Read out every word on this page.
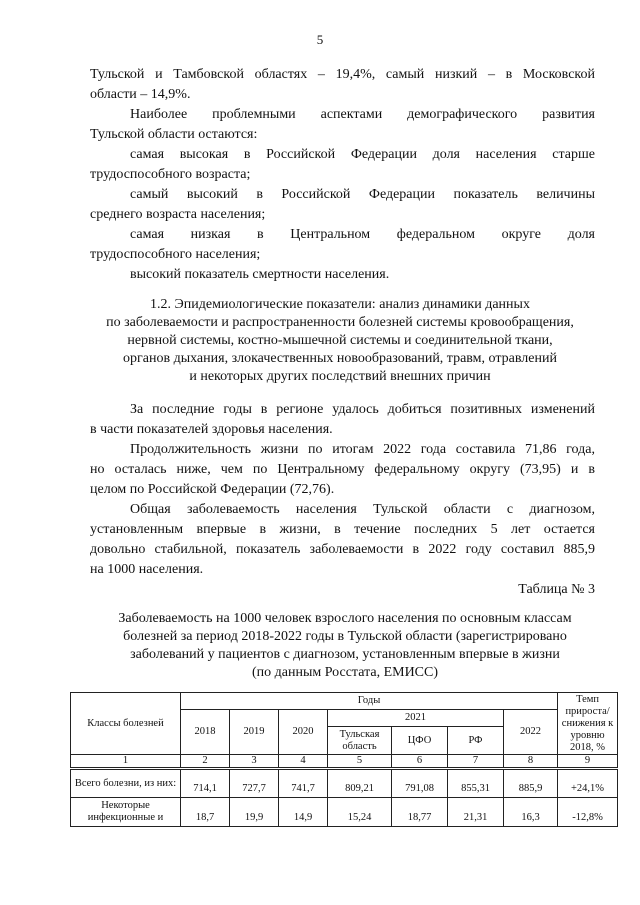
5
Тульской и Тамбовской областях – 19,4%, самый низкий – в Московской
области – 14,9%.
Наиболее проблемными аспектами демографического развития
Тульской области остаются:
самая высокая в Российской Федерации доля населения старше
трудоспособного возраста;
самый высокий в Российской Федерации показатель величины
среднего возраста населения;
самая низкая в Центральном федеральном округе доля
трудоспособного населения;
высокий показатель смертности населения.
1.2. Эпидемиологические показатели: анализ динамики данных
по заболеваемости и распространенности болезней системы кровообращения,
нервной системы, костно-мышечной системы и соединительной ткани,
органов дыхания, злокачественных новообразований, травм, отравлений
и некоторых других последствий внешних причин
За последние годы в регионе удалось добиться позитивных изменений
в части показателей здоровья населения.
Продолжительность жизни по итогам 2022 года составила 71,86 года,
но осталась ниже, чем по Центральному федеральному округу (73,95) и в
целом по Российской Федерации (72,76).
Общая заболеваемость населения Тульской области с диагнозом,
установленным впервые в жизни, в течение последних 5 лет остается
довольно стабильной, показатель заболеваемости в 2022 году составил 885,9
на 1000 населения.
Таблица № 3
Заболеваемость на 1000 человек взрослого населения по основным классам
болезней за период 2018-2022 годы в Тульской области (зарегистрировано
заболеваний у пациентов с диагнозом, установленным впервые в жизни
(по данным Росстата, ЕМИСС)
Классы болезней	Годы							Темп прироста/ снижения к уровню 2018, %
	2018	2019	2020	2021			2022	
				Тульская область	ЦФО	РФ		
1	2	3	4	5	6	7	8	9
Всего болезни, из них:	714,1	727,7	741,7	809,21	791,08	855,31	885,9	+24,1%
Некоторые инфекционные и	18,7	19,9	14,9	15,24	18,77	21,31	16,3	-12,8%
